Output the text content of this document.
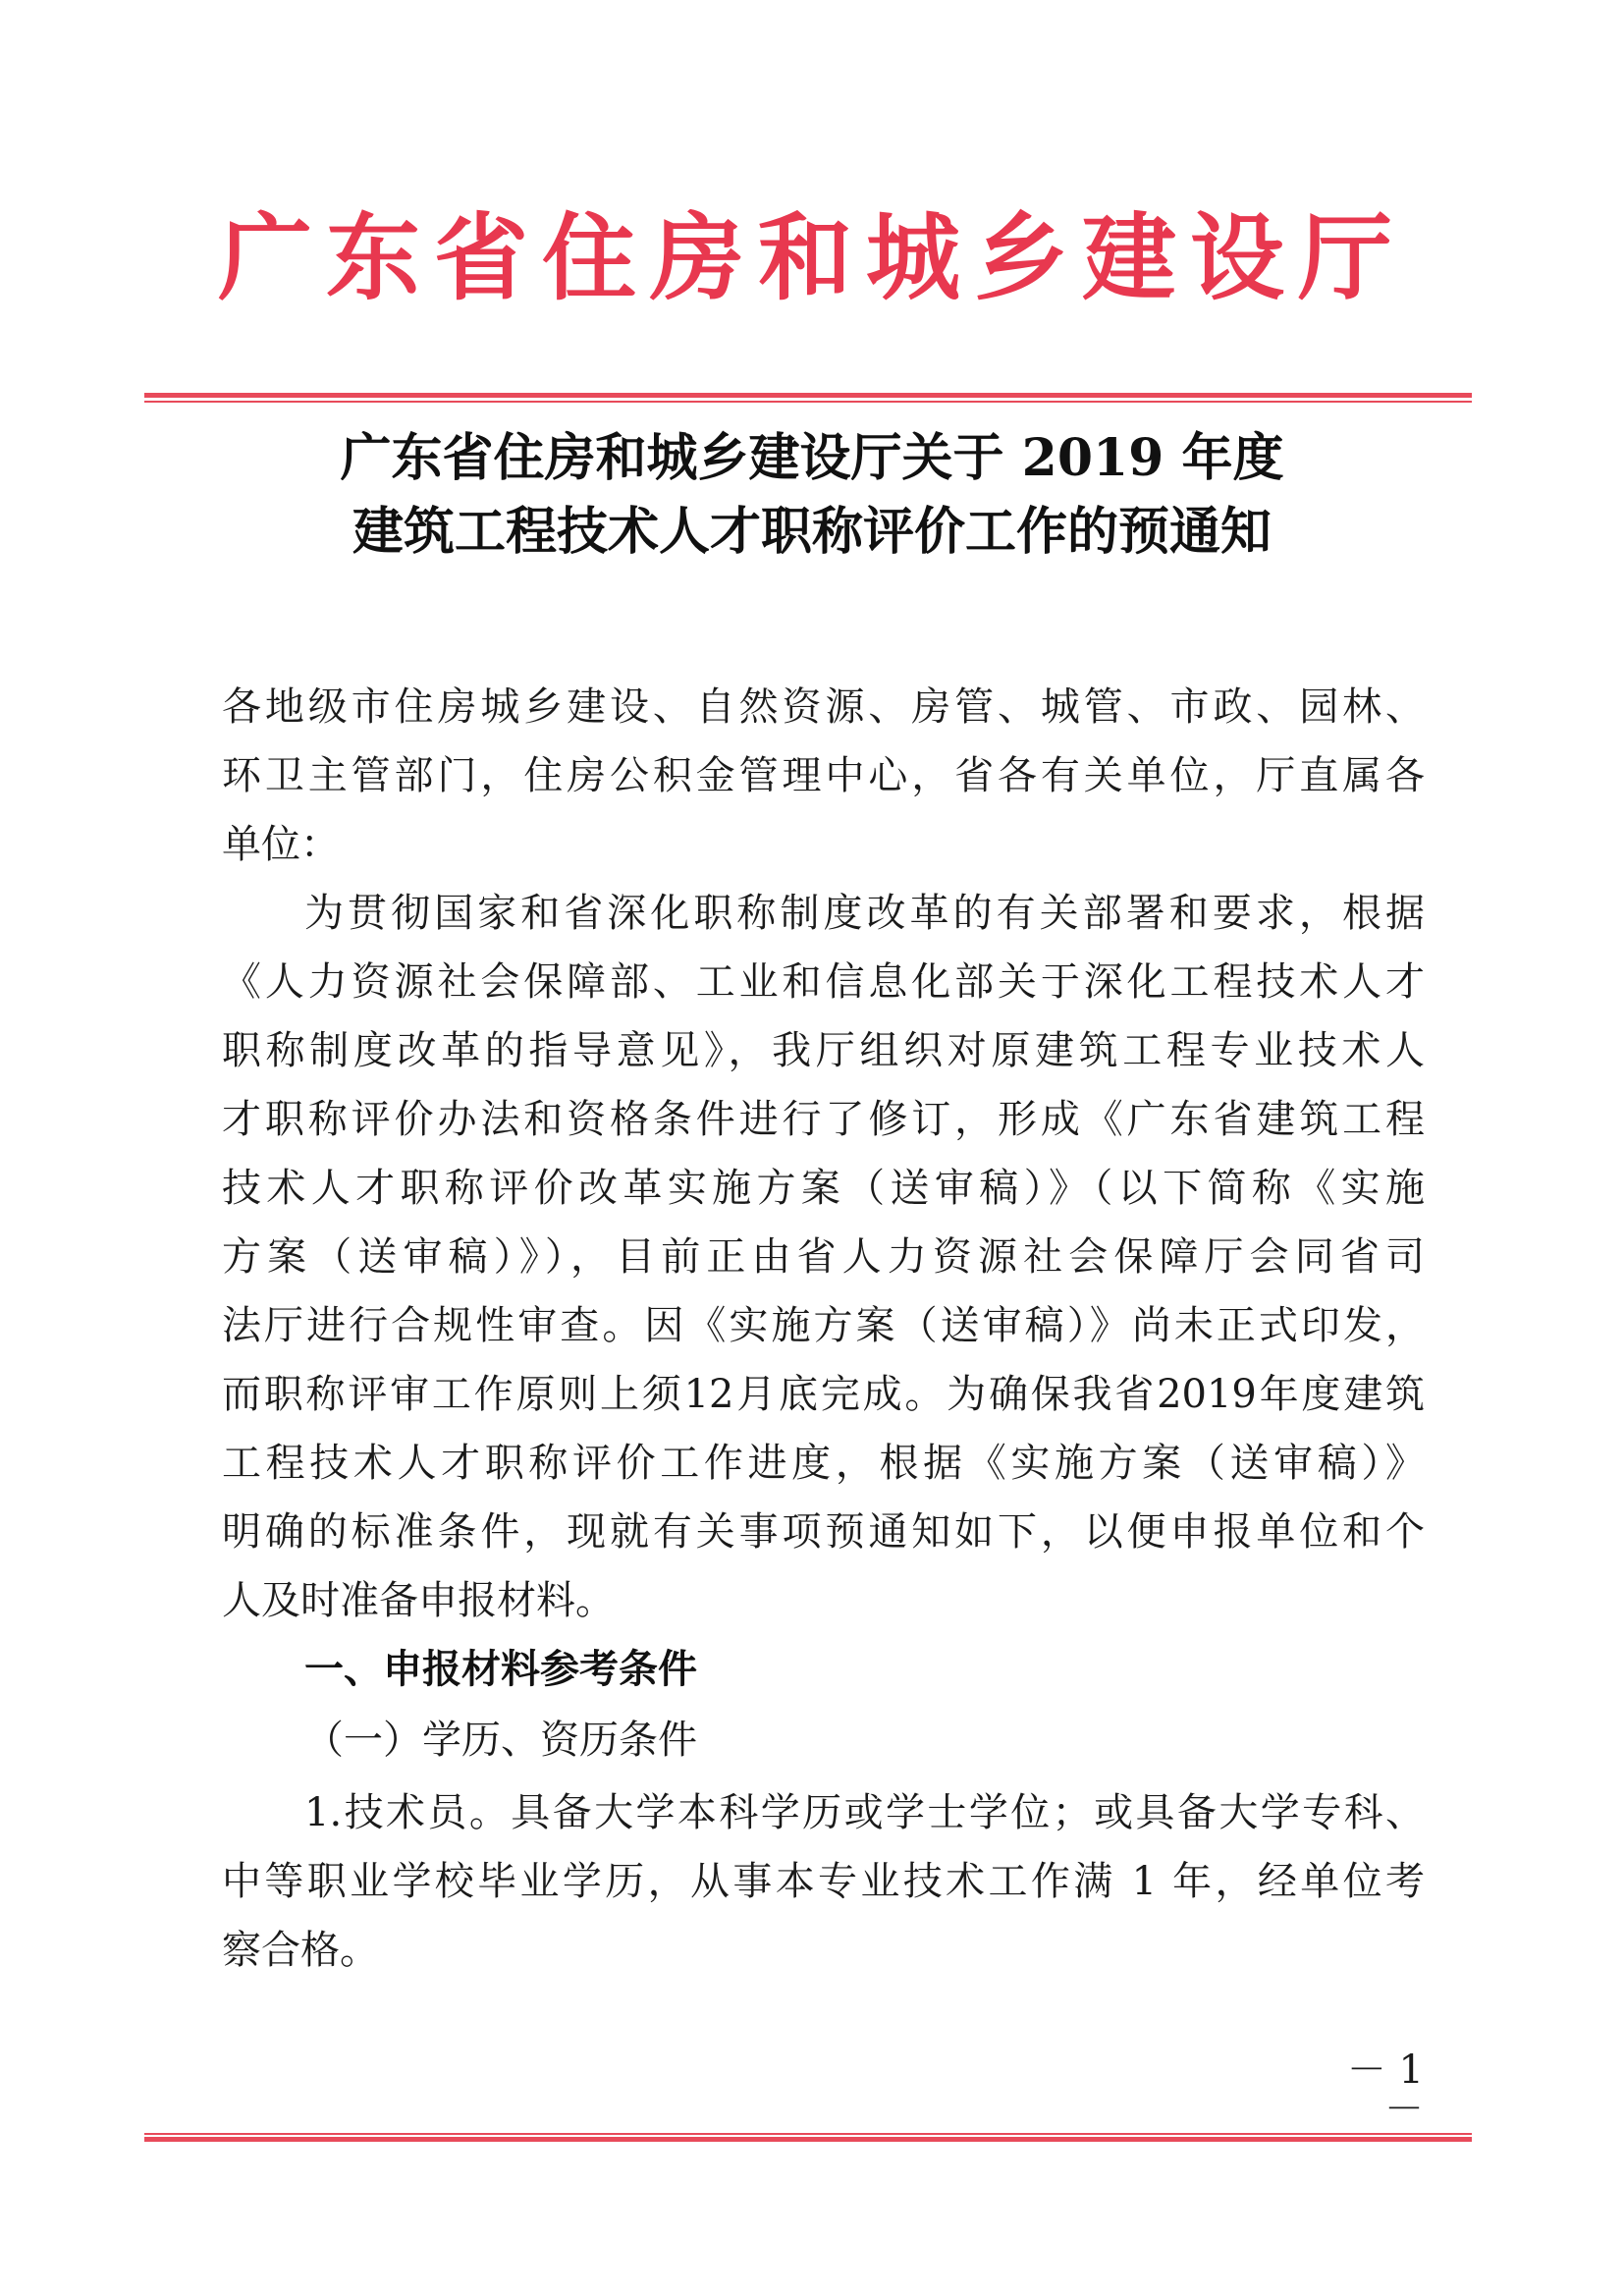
广东省住房和城乡建设厅
广东省住房和城乡建设厅关于 2019 年度
建筑工程技术人才职称评价工作的预通知
各地级市住房城乡建设、自然资源、房管、城管、市政、园林、
环卫主管部门，住房公积金管理中心，省各有关单位，厅直属各
单位：
为贯彻国家和省深化职称制度改革的有关部署和要求，根据
《人力资源社会保障部、工业和信息化部关于深化工程技术人才
职称制度改革的指导意见》，我厅组织对原建筑工程专业技术人
才职称评价办法和资格条件进行了修订，形成《广东省建筑工程
技术人才职称评价改革实施方案（送审稿）》（以下简称《实施
方案（送审稿）》），目前正由省人力资源社会保障厅会同省司
法厅进行合规性审查。因《实施方案（送审稿）》尚未正式印发，
而职称评审工作原则上须12月底完成。为确保我省2019年度建筑
工程技术人才职称评价工作进度，根据《实施方案（送审稿）》
明确的标准条件，现就有关事项预通知如下，以便申报单位和个
人及时准备申报材料。
1.技术员。具备大学本科学历或学士学位；或具备大学专科、
中等职业学校毕业学历，从事本专业技术工作满 1 年，经单位考
察合格。
一、申报材料参考条件
（一）学历、资历条件
－ 1 －
